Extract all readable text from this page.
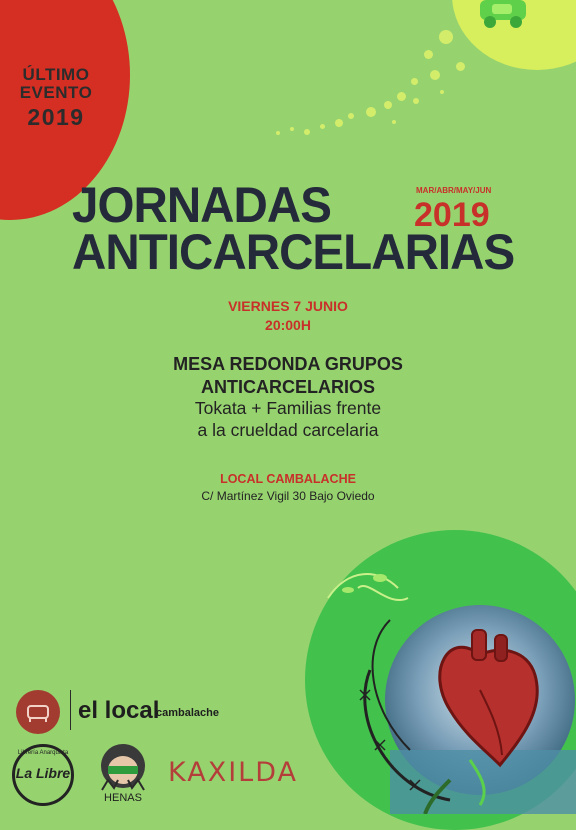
ÚLTIMO
EVENTO
2019
JORNADAS
ANTICARCELARIAS
MAR/ABR/MAY/JUN
2019
VIERNES 7 JUNIO
20:00H
MESA REDONDA GRUPOS
ANTICARCELARIOS
Tokata + Familias frente
a la crueldad carcelaria
LOCAL CAMBALACHE
C/ Martínez Vigil 30 Bajo Oviedo
el local
cambalache
Librería Anarquista
La Libre
HENAS
KAXILDA
